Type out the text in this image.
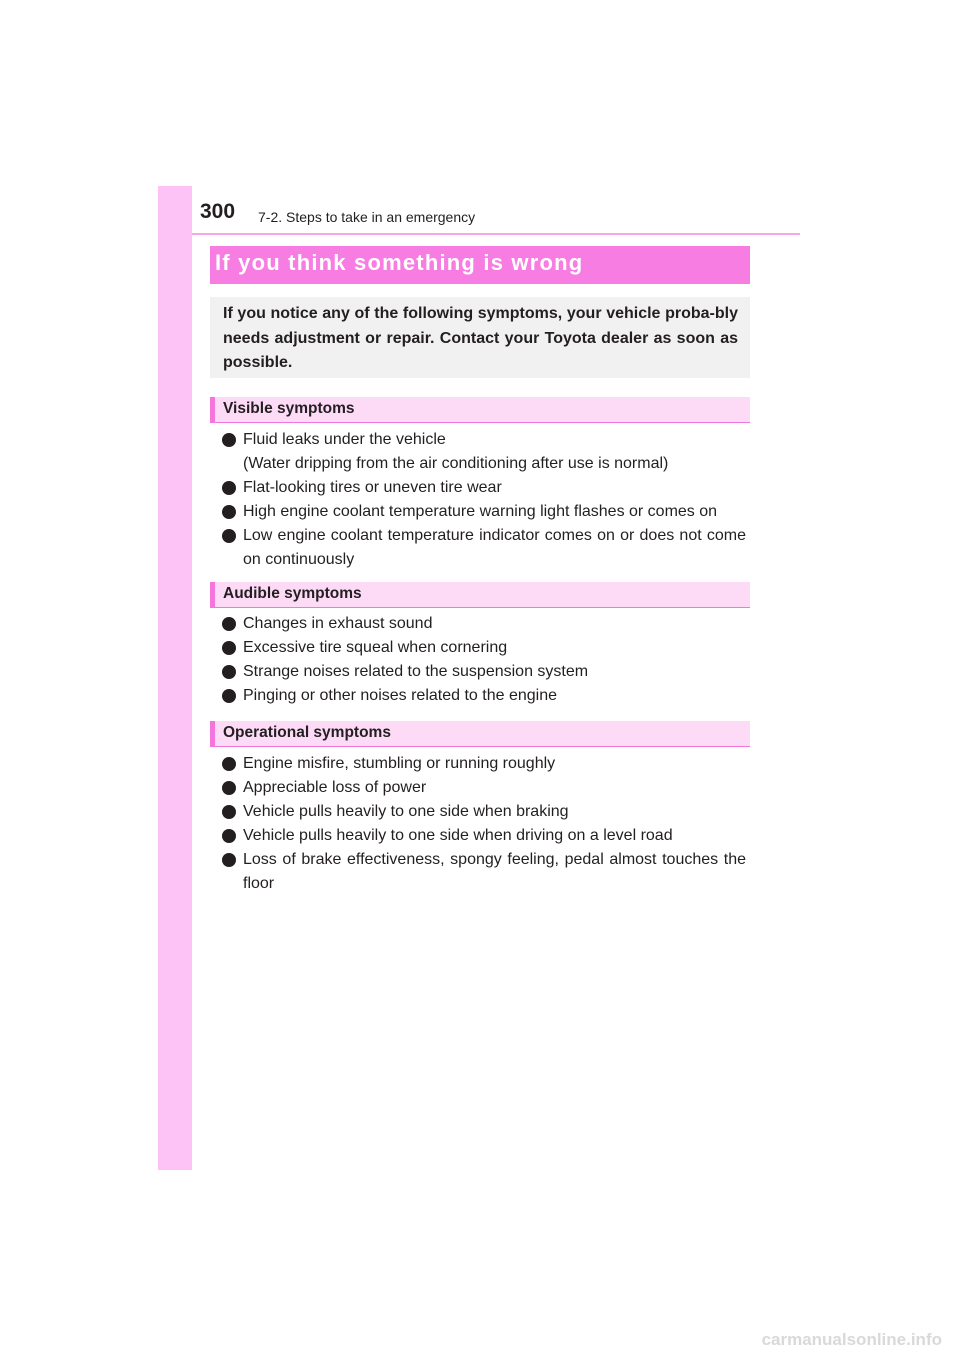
300 7-2. Steps to take in an emergency
If you think something is wrong
If you notice any of the following symptoms, your vehicle proba-bly needs adjustment or repair. Contact your Toyota dealer as soon as possible.
Visible symptoms
Fluid leaks under the vehicle
(Water dripping from the air conditioning after use is normal)
Flat-looking tires or uneven tire wear
High engine coolant temperature warning light flashes or comes on
Low engine coolant temperature indicator comes on or does not come on continuously
Audible symptoms
Changes in exhaust sound
Excessive tire squeal when cornering
Strange noises related to the suspension system
Pinging or other noises related to the engine
Operational symptoms
Engine misfire, stumbling or running roughly
Appreciable loss of power
Vehicle pulls heavily to one side when braking
Vehicle pulls heavily to one side when driving on a level road
Loss of brake effectiveness, spongy feeling, pedal almost touches the floor
carmanualsonline.info
